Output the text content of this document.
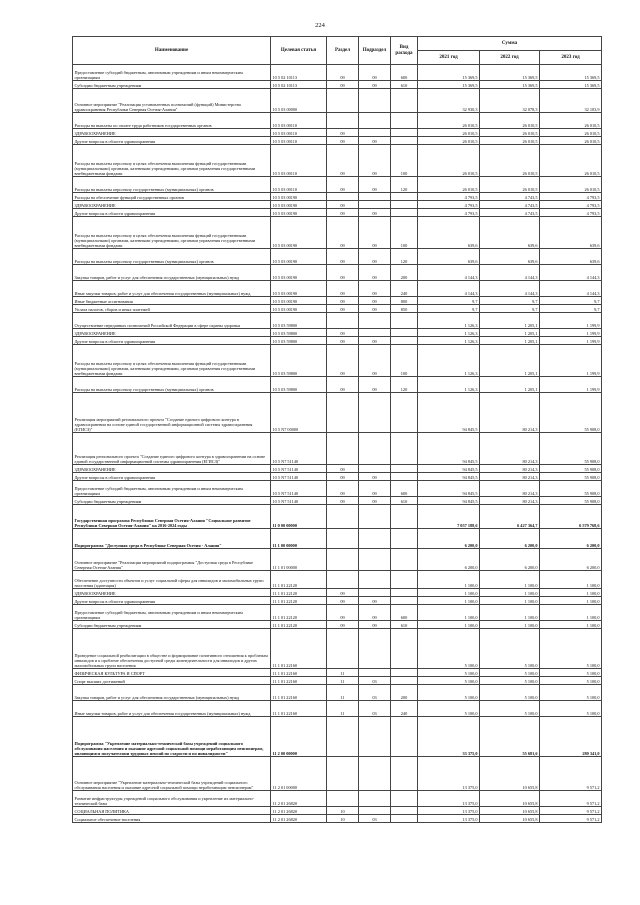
224
Наименование	Целевая статья	Раздел	Подраздел	Вид расхода	Сумма		
					2021 год	2022 год	2023 год
Предоставление субсидий бюджетным, автономным учреждениям и иным некоммерческим организациям	10 5 02 10113	09	09	600	15 369,5	15 369,5	15 369,5
Субсидии бюджетным учреждениям	10 5 02 10113	09	09	610	15 369,5	15 369,5	15 369,5
Основное мероприятие "Реализация установленных полномочий (функций) Министерства здравоохранения Республики Северная Осетия-Алания"	10 5 03 00000				32 930,3	32 078,3	32 103,9
Расходы на выплаты по оплате труда работников государственных органов	10 5 03 00110				26 010,5	26 010,5	26 010,5
ЗДРАВООХРАНЕНИЕ	10 5 03 00110	09			26 010,5	26 010,5	26 010,5
Другие вопросы в области здравоохранения	10 5 03 00110	09	09		26 010,5	26 010,5	26 010,5
Расходы на выплаты персоналу в целях обеспечения выполнения функций государственными (муниципальными) органами, казенными учреждениями, органами управления государственными внебюджетными фондами	10 5 03 00110	09	09	100	26 010,5	26 010,5	26 010,5
Расходы на выплаты персоналу государственных (муниципальных) органов	10 5 03 00110	09	09	120	26 010,5	26 010,5	26 010,5
Расходы на обеспечение функций государственных органов	10 5 03 00190				4 793,5	4 743,5	4 793,5
ЗДРАВООХРАНЕНИЕ	10 5 03 00190	09			4 793,5	4 743,5	4 793,5
Другие вопросы в области здравоохранения	10 5 03 00190	09	09		4 793,5	4 743,5	4 793,5
Расходы на выплаты персоналу в целях обеспечения выполнения функций государственными (муниципальными) органами, казенными учреждениями, органами управления государственными внебюджетными фондами	10 5 03 00190	09	09	100	639,6	639,6	639,6
Расходы на выплаты персоналу государственных (муниципальных) органов	10 5 03 00190	09	09	120	639,6	639,6	639,6
Закупка товаров, работ и услуг для обеспечения государственных (муниципальных) нужд	10 5 03 00190	09	09	200	4 144,3	4 144,3	4 144,3
Иные закупки товаров, работ и услуг для обеспечения государственных (муниципальных) нужд	10 5 03 00190	09	09	240	4 144,3	4 144,3	4 144,3
Иные бюджетные ассигнования	10 5 03 00190	09	09	800	9,7	9,7	9,7
Уплата налогов, сборов и иных платежей	10 5 03 00190	09	09	850	9,7	9,7	9,7
Осуществление переданных полномочий Российской Федерации в сфере охраны здоровья	10 5 03 59800				1 126,3	1 205,1	1 199,9
ЗДРАВООХРАНЕНИЕ	10 5 03 59800	09			1 126,3	1 205,1	1 199,9
Другие вопросы в области здравоохранения	10 5 03 59800	09	09		1 126,3	1 205,1	1 199,9
Расходы на выплаты персоналу в целях обеспечения выполнения функций государственными (муниципальными) органами, казенными учреждениями, органами управления государственными внебюджетными фондами	10 5 03 59800	09	09	100	1 126,3	1 205,1	1 199,9
Расходы на выплаты персоналу государственных (муниципальных) органов	10 5 03 59800	09	09	120	1 126,3	1 205,1	1 199,9
Реализация мероприятий регионального проекта "Создание единого цифрового контура в здравоохранении на основе единой государственной информационной системы здравоохранения (ЕГИСЗ)"	10 5 N7 00000				94 845,5	80 214,3	55 908,0
Реализация регионального проекта "Создание единого цифрового контура в здравоохранении на основе единой государственной информационной системы здравоохранения (ЕГИСЗ)"	10 5 N7 51140				94 845,5	80 214,3	55 908,0
ЗДРАВООХРАНЕНИЕ	10 5 N7 51140	09			94 845,5	80 214,3	55 908,0
Другие вопросы в области здравоохранения	10 5 N7 51140	09	09		94 845,5	80 214,3	55 908,0
Предоставление субсидий бюджетным, автономным учреждениям и иным некоммерческим организациям	10 5 N7 51140	09	09	600	94 845,5	80 214,3	55 908,0
Субсидии бюджетным учреждениям	10 5 N7 51140	09	09	610	94 845,5	80 214,3	55 908,0
Государственная программа Республики Северная Осетия-Алания "Социальное развитие Республики Северная Осетия-Алания" на 2016-2024 годы	11 0 00 00000				7 057 188,6	6 427 364,7	6 579 768,6
Подпрограмма "Доступная среда в Республике Северная Осетия - Алания"	11 1 00 00000				6 200,0	6 200,0	6 200,0
Основное мероприятие "Реализация мероприятий подпрограммы "Доступная среда в Республике Северная Осетия-Алания"	11 1 01 00000				6 200,0	6 200,0	6 200,0
Обеспечение доступности объектов и услуг социальной сферы для инвалидов и маломобильных групп населения (адаптация)	11 1 01 22120				1 100,0	1 100,0	1 100,0
ЗДРАВООХРАНЕНИЕ	11 1 01 22120	09			1 100,0	1 100,0	1 100,0
Другие вопросы в области здравоохранения	11 1 01 22120	09	09		1 100,0	1 100,0	1 100,0
Предоставление субсидий бюджетным, автономным учреждениям и иным некоммерческим организациям	11 1 01 22120	09	09	600	1 100,0	1 100,0	1 100,0
Субсидии бюджетным учреждениям	11 1 01 22120	09	09	610	1 100,0	1 100,0	1 100,0
Проведение социальной реабилитации в обществе и формирование позитивного отношения к проблемам инвалидов и к проблеме обеспечения доступной среды жизнедеятельности для инвалидов и других маломобильных групп населения	11 1 01 22160				5 100,0	5 100,0	5 100,0
ФИЗИЧЕСКАЯ КУЛЬТУРА И СПОРТ	11 1 01 22160	11			5 100,0	5 100,0	5 100,0
Спорт высших достижений	11 1 01 22160	11	03		5 100,0	5 100,0	5 100,0
Закупка товаров, работ и услуг для обеспечения государственных (муниципальных) нужд	11 1 01 22160	11	03	200	5 100,0	5 100,0	5 100,0
Иные закупки товаров, работ и услуг для обеспечения государственных (муниципальных) нужд	11 1 01 22160	11	03	240	5 100,0	5 100,0	5 100,0
Подпрограмма "Укрепление материально-технической базы учреждений социального обслуживания населения и оказание адресной социальной помощи неработающим пенсионерам, являющимся получателями трудовых пенсий по старости и по инвалидности"	11 2 00 00000				33 375,0	55 681,6	280 341,0
Основное мероприятие "Укрепление материально-технической базы учреждений социального обслуживания населения и оказание адресной социальной помощи неработающим пенсионерам"	11 2 01 00000				13 375,0	10 655,8	9 571,2
Развитие инфраструктуры учреждений социального обслуживания и укрепление их материально-технической базы	11 2 01 26820				13 375,0	10 655,8	9 571,2
СОЦИАЛЬНАЯ ПОЛИТИКА	11 2 01 26820	10			13 375,0	10 655,8	9 571,2
Социальное обеспечение населения	11 2 01 26820	10	03		13 375,0	10 655,8	9 571,2
